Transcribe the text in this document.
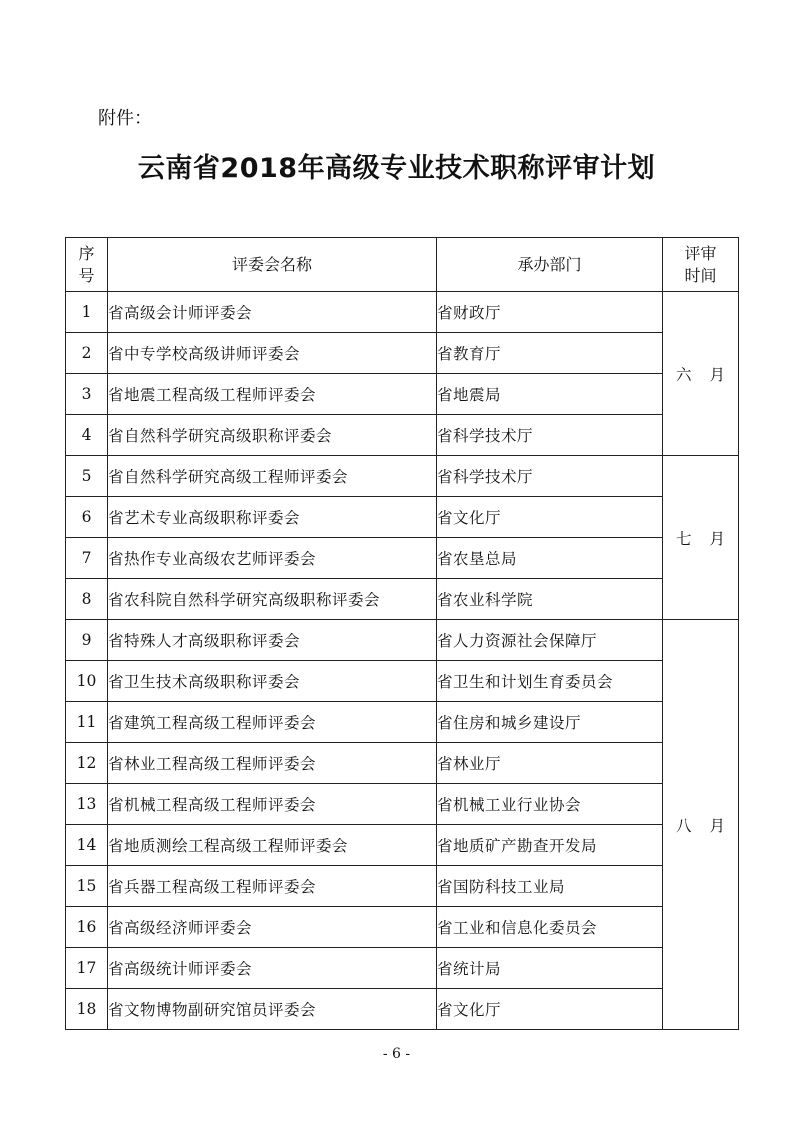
附件：
云南省2018年高级专业技术职称评审计划
序
号	评委会名称	承办部门	评审
时间
1	省高级会计师评委会	省财政厅	六 月
2	省中专学校高级讲师评委会	省教育厅	
3	省地震工程高级工程师评委会	省地震局	
4	省自然科学研究高级职称评委会	省科学技术厅	
5	省自然科学研究高级工程师评委会	省科学技术厅	七 月
6	省艺术专业高级职称评委会	省文化厅	
7	省热作专业高级农艺师评委会	省农垦总局	
8	省农科院自然科学研究高级职称评委会	省农业科学院	
9	省特殊人才高级职称评委会	省人力资源社会保障厅	八 月
10	省卫生技术高级职称评委会	省卫生和计划生育委员会	
11	省建筑工程高级工程师评委会	省住房和城乡建设厅	
12	省林业工程高级工程师评委会	省林业厅	
13	省机械工程高级工程师评委会	省机械工业行业协会	
14	省地质测绘工程高级工程师评委会	省地质矿产勘查开发局	
15	省兵器工程高级工程师评委会	省国防科技工业局	
16	省高级经济师评委会	省工业和信息化委员会	
17	省高级统计师评委会	省统计局	
18	省文物博物副研究馆员评委会	省文化厅	
- 6 -
